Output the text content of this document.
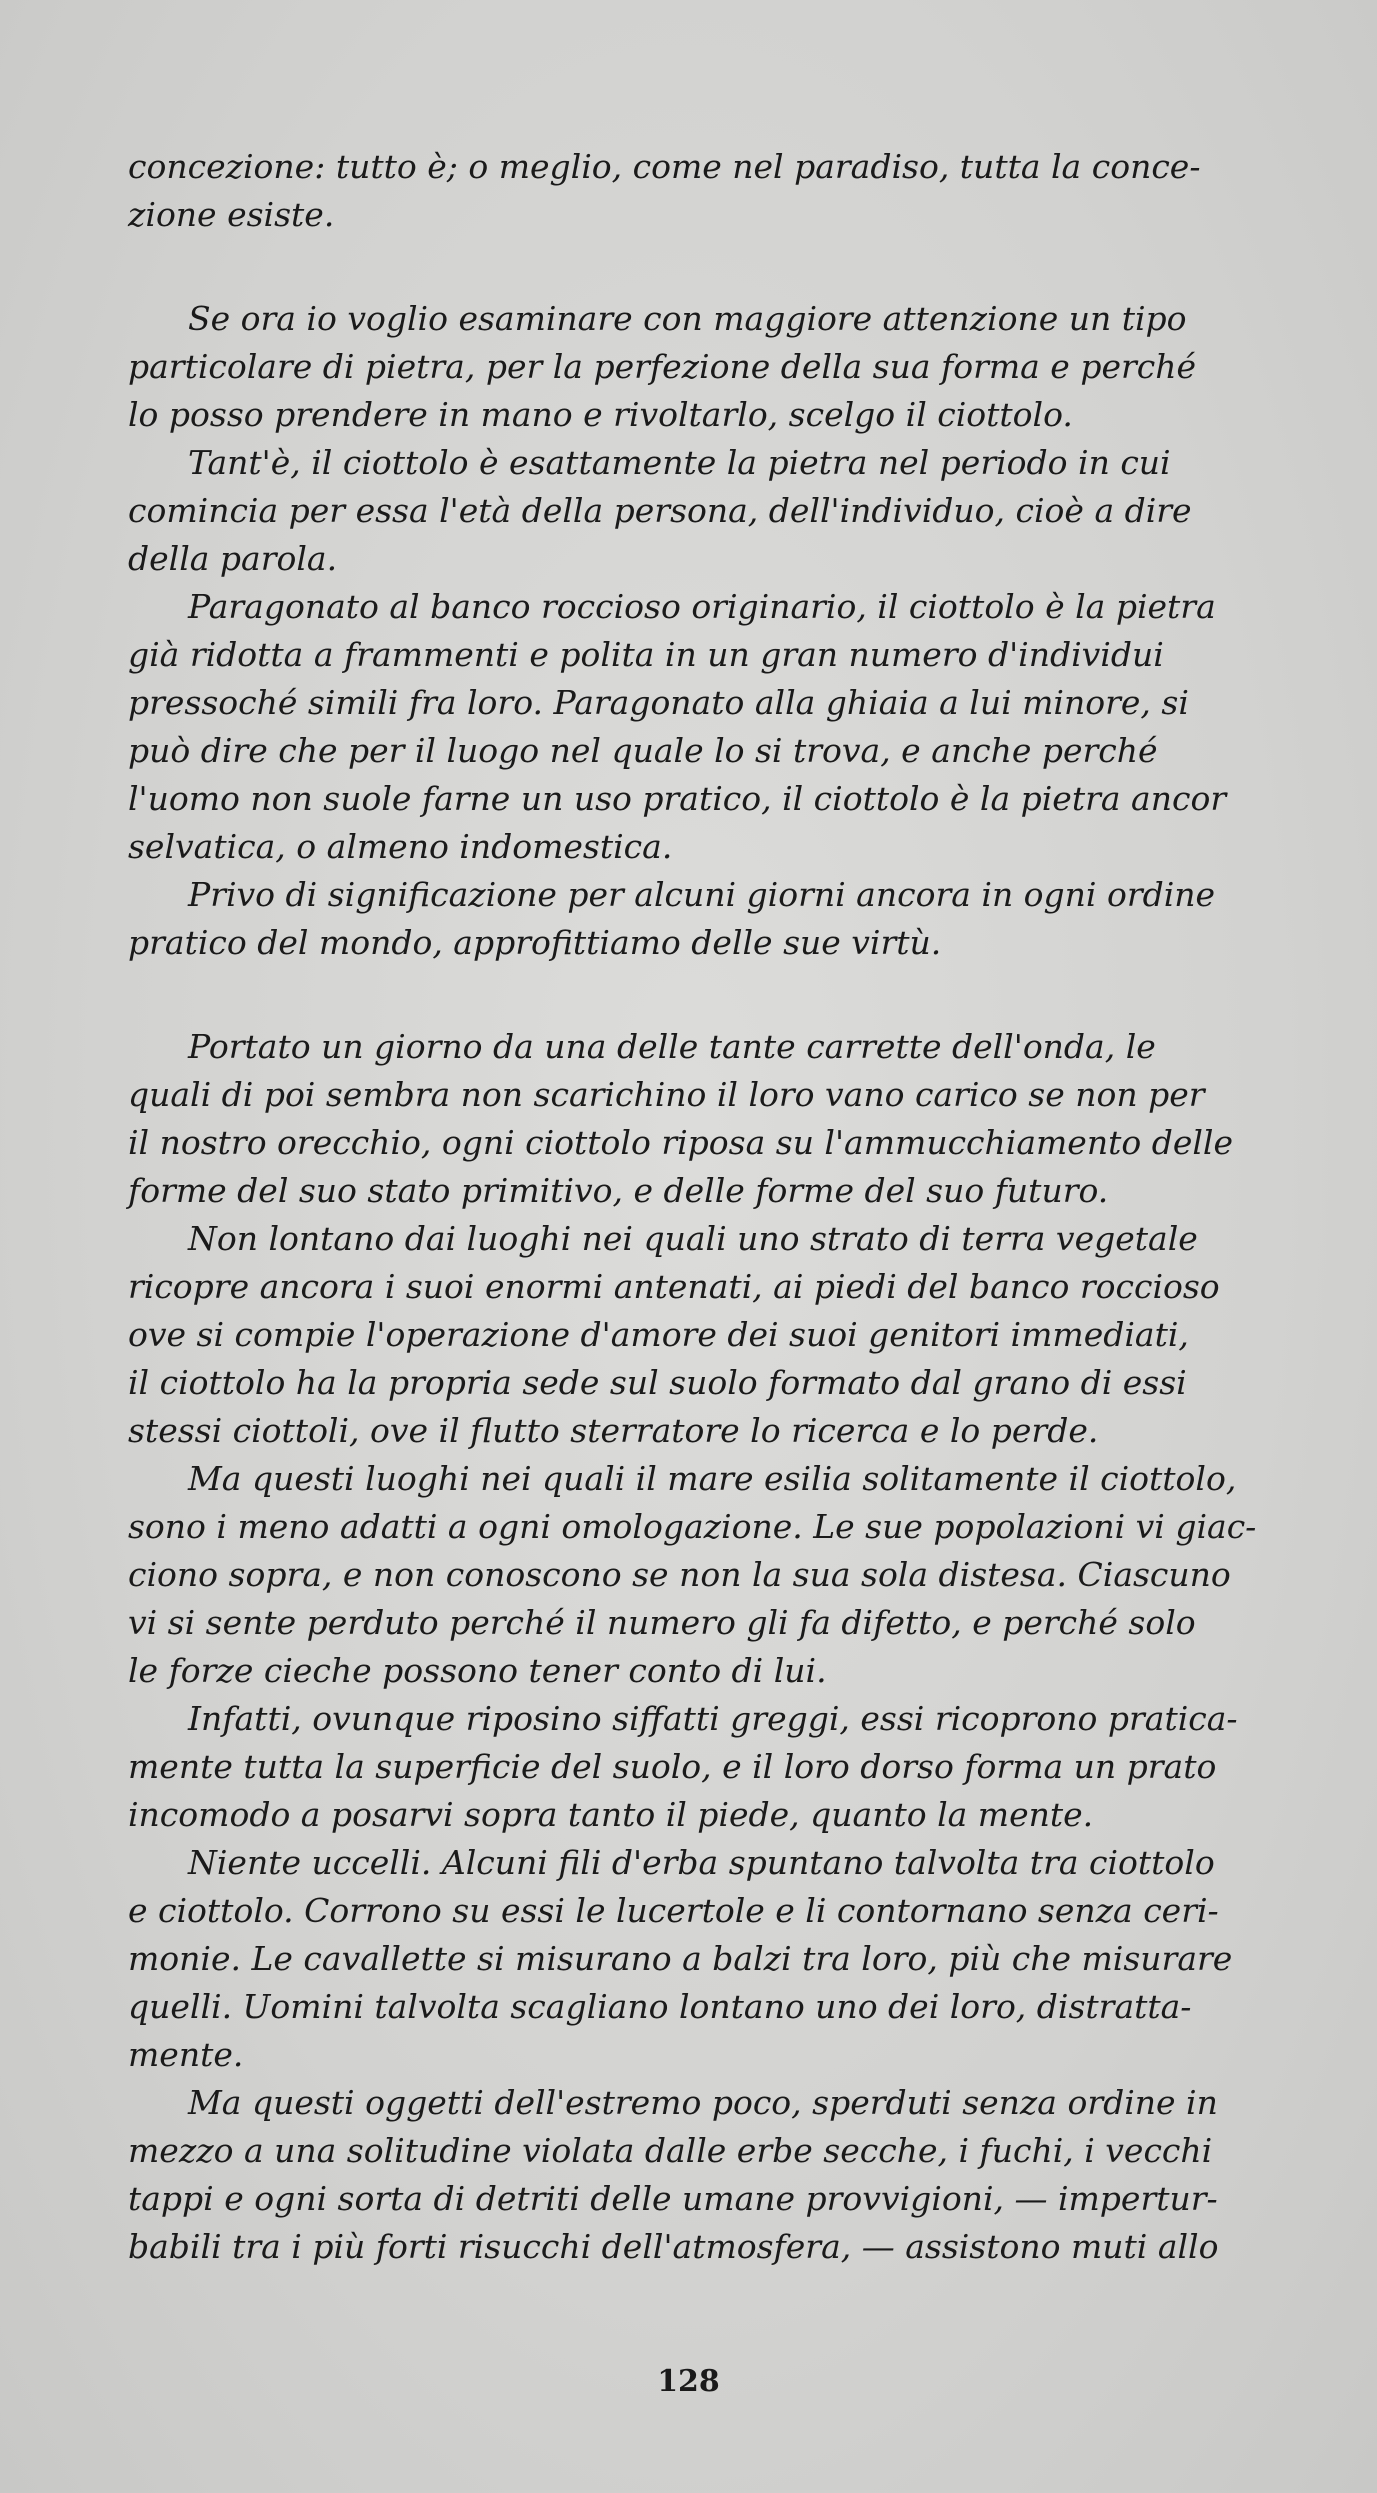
concezione: tutto è; o meglio, come nel paradiso, tutta la conce-
zione esiste.
Se ora io voglio esaminare con maggiore attenzione un tipo
particolare di pietra, per la perfezione della sua forma e perché
lo posso prendere in mano e rivoltarlo, scelgo il ciottolo.
Tant'è, il ciottolo è esattamente la pietra nel periodo in cui
comincia per essa l'età della persona, dell'individuo, cioè a dire
della parola.
Paragonato al banco roccioso originario, il ciottolo è la pietra
già ridotta a frammenti e polita in un gran numero d'individui
pressoché simili fra loro. Paragonato alla ghiaia a lui minore, si
può dire che per il luogo nel quale lo si trova, e anche perché
l'uomo non suole farne un uso pratico, il ciottolo è la pietra ancor
selvatica, o almeno indomestica.
Privo di significazione per alcuni giorni ancora in ogni ordine
pratico del mondo, approfittiamo delle sue virtù.
Portato un giorno da una delle tante carrette dell'onda, le
quali di poi sembra non scarichino il loro vano carico se non per
il nostro orecchio, ogni ciottolo riposa su l'ammucchiamento delle
forme del suo stato primitivo, e delle forme del suo futuro.
Non lontano dai luoghi nei quali uno strato di terra vegetale
ricopre ancora i suoi enormi antenati, ai piedi del banco roccioso
ove si compie l'operazione d'amore dei suoi genitori immediati,
il ciottolo ha la propria sede sul suolo formato dal grano di essi
stessi ciottoli, ove il flutto sterratore lo ricerca e lo perde.
Ma questi luoghi nei quali il mare esilia solitamente il ciottolo,
sono i meno adatti a ogni omologazione. Le sue popolazioni vi giac-
ciono sopra, e non conoscono se non la sua sola distesa. Ciascuno
vi si sente perduto perché il numero gli fa difetto, e perché solo
le forze cieche possono tener conto di lui.
Infatti, ovunque riposino siffatti greggi, essi ricoprono pratica-
mente tutta la superficie del suolo, e il loro dorso forma un prato
incomodo a posarvi sopra tanto il piede, quanto la mente.
Niente uccelli. Alcuni fili d'erba spuntano talvolta tra ciottolo
e ciottolo. Corrono su essi le lucertole e li contornano senza ceri-
monie. Le cavallette si misurano a balzi tra loro, più che misurare
quelli. Uomini talvolta scagliano lontano uno dei loro, distratta-
mente.
Ma questi oggetti dell'estremo poco, sperduti senza ordine in
mezzo a una solitudine violata dalle erbe secche, i fuchi, i vecchi
tappi e ogni sorta di detriti delle umane provvigioni, — impertur-
babili tra i più forti risucchi dell'atmosfera, — assistono muti allo
128
